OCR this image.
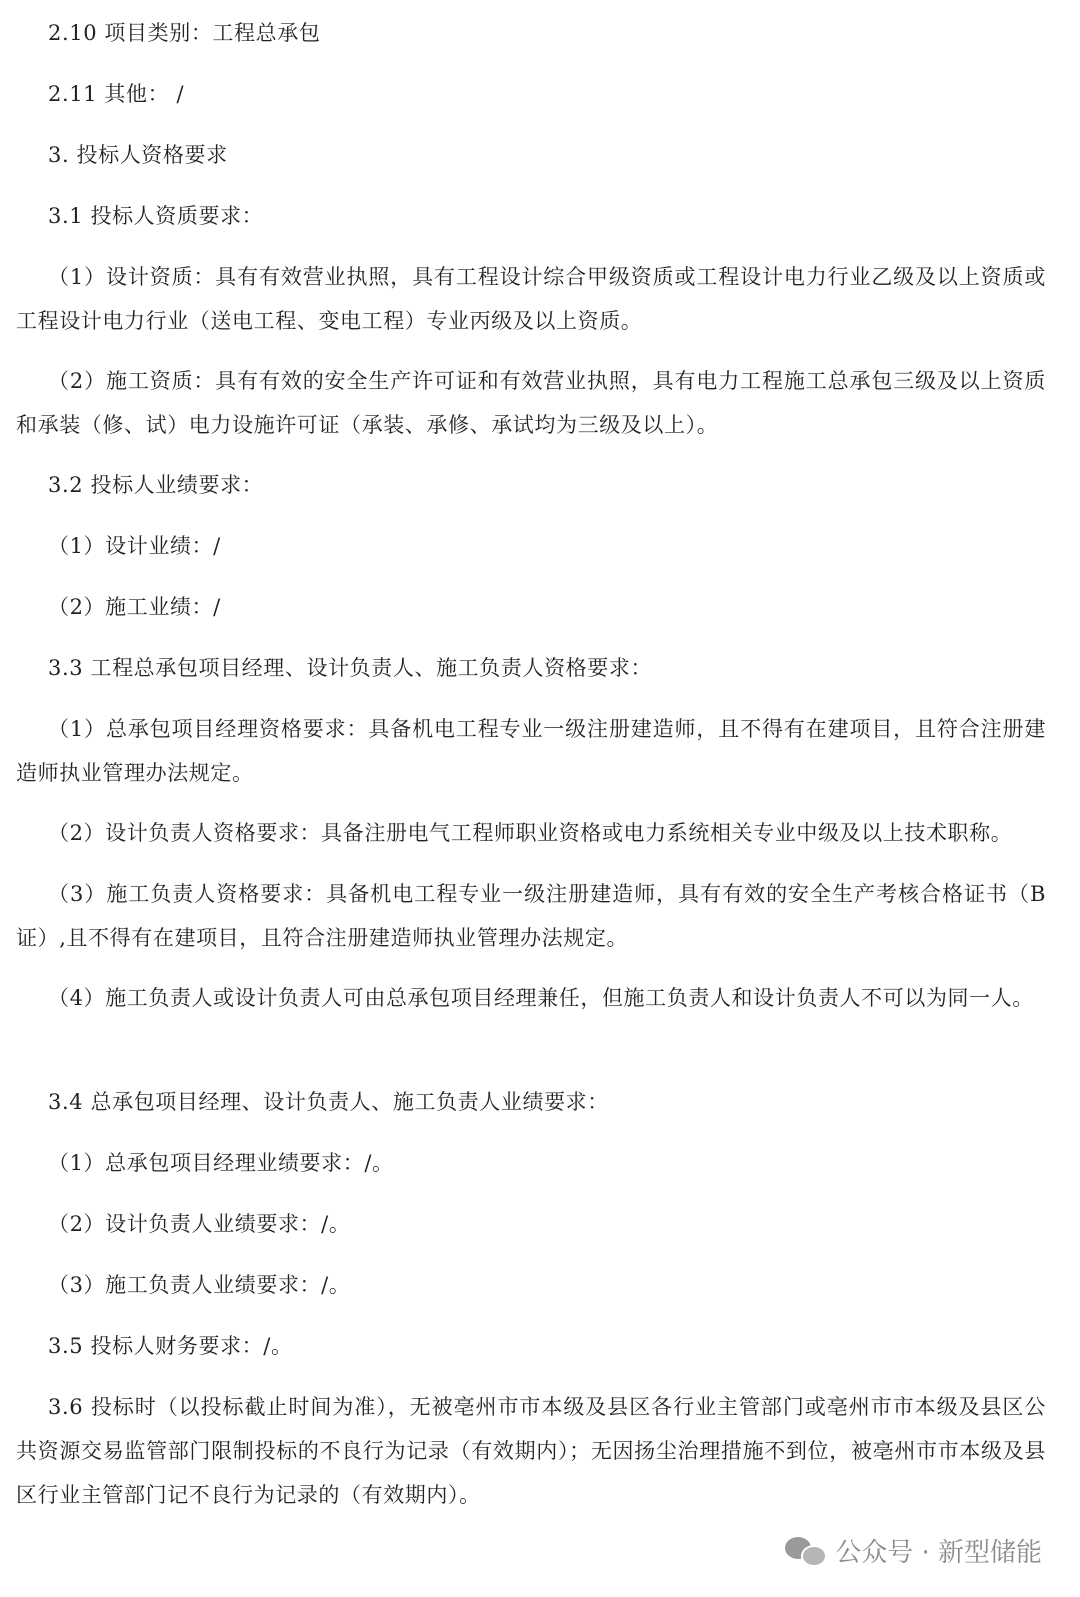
2.10 项目类别：工程总承包
2.11 其他： /
3. 投标人资格要求
3.1 投标人资质要求：
（1）设计资质：具有有效营业执照，具有工程设计综合甲级资质或工程设计电力行业乙级及以上资质或工程设计电力行业（送电工程、变电工程）专业丙级及以上资质。
（2）施工资质：具有有效的安全生产许可证和有效营业执照，具有电力工程施工总承包三级及以上资质和承装（修、试）电力设施许可证（承装、承修、承试均为三级及以上）。
3.2 投标人业绩要求：
（1）设计业绩：/
（2）施工业绩：/
3.3 工程总承包项目经理、设计负责人、施工负责人资格要求：
（1）总承包项目经理资格要求：具备机电工程专业一级注册建造师，且不得有在建项目，且符合注册建造师执业管理办法规定。
（2）设计负责人资格要求：具备注册电气工程师职业资格或电力系统相关专业中级及以上技术职称。
（3）施工负责人资格要求：具备机电工程专业一级注册建造师，具有有效的安全生产考核合格证书（B证）,且不得有在建项目，且符合注册建造师执业管理办法规定。
（4）施工负责人或设计负责人可由总承包项目经理兼任，但施工负责人和设计负责人不可以为同一人。
3.4 总承包项目经理、设计负责人、施工负责人业绩要求：
（1）总承包项目经理业绩要求：/。
（2）设计负责人业绩要求：/。
（3）施工负责人业绩要求：/。
3.5 投标人财务要求：/。
3.6 投标时（以投标截止时间为准），无被亳州市市本级及县区各行业主管部门或亳州市市本级及县区公共资源交易监管部门限制投标的不良行为记录（有效期内）；无因扬尘治理措施不到位，被亳州市市本级及县区行业主管部门记不良行为记录的（有效期内）。
公众号 · 新型储能
